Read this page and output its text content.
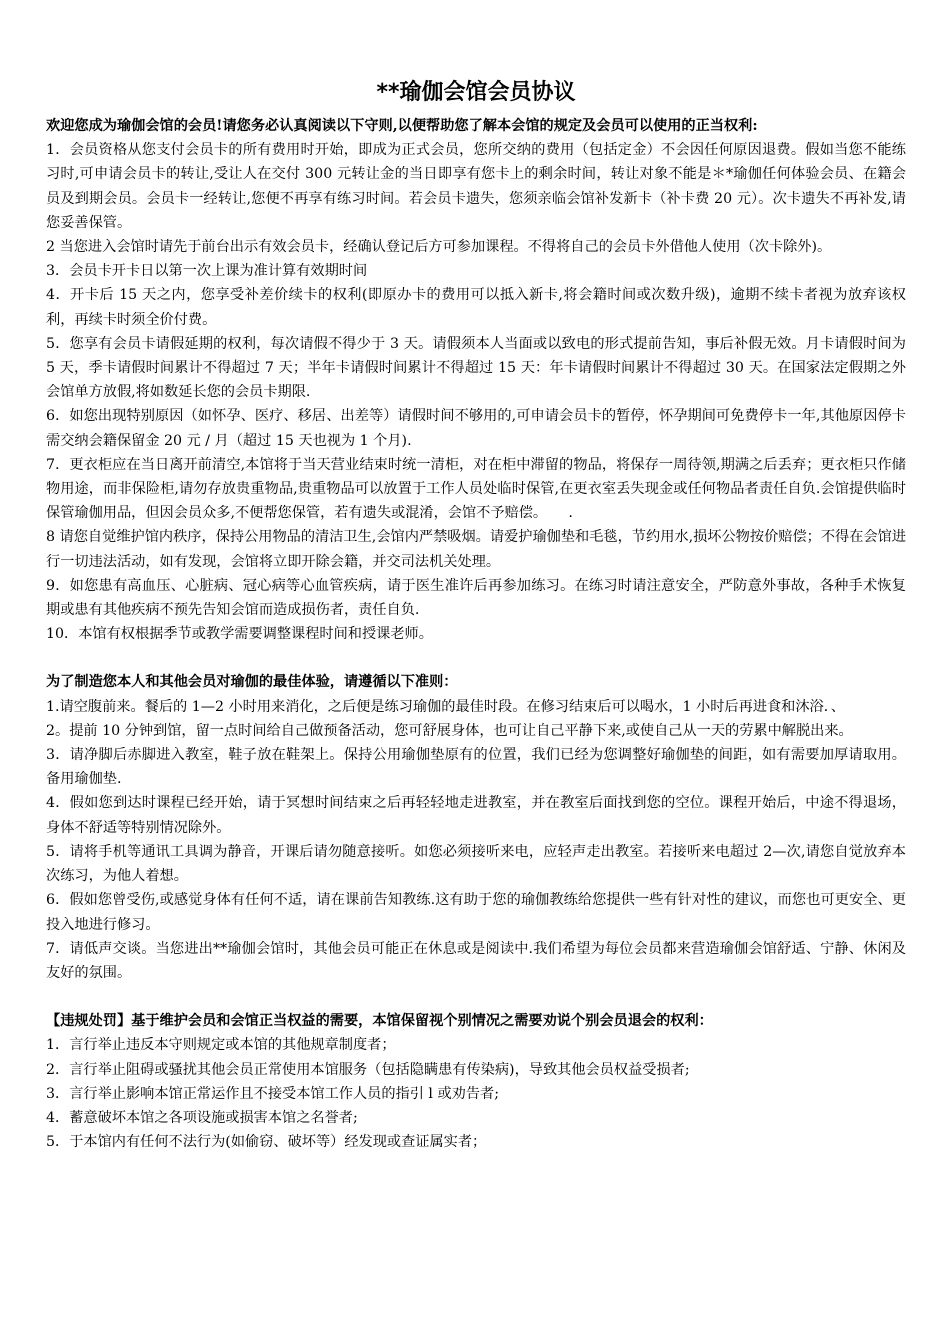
**瑜伽会馆会员协议

欢迎您成为瑜伽会馆的会员!请您务必认真阅读以下守则,以便帮助您了解本会馆的规定及会员可以使用的正当权利:

1．会员资格从您支付会员卡的所有费用时开始，即成为正式会员，您所交纳的费用（包括定金）不会因任何原因退费。假如当您不能练习时,可申请会员卡的转让,受让人在交付 300 元转让金的当日即享有您卡上的剩余时间，转让对象不能是＊*瑜伽任何体验会员、在籍会员及到期会员。会员卡一经转让,您便不再享有练习时间。若会员卡遗失，您须亲临会馆补发新卡（补卡费 20 元）。次卡遗失不再补发,请您妥善保管。

2 当您进入会馆时请先于前台出示有效会员卡，经确认登记后方可参加课程。不得将自己的会员卡外借他人使用（次卡除外)。

3．会员卡开卡日以第一次上课为准计算有效期时间

4．开卡后 15 天之内，您享受补差价续卡的权利(即原办卡的费用可以抵入新卡,将会籍时间或次数升级)，逾期不续卡者视为放弃该权利，再续卡时须全价付费。

5．您享有会员卡请假延期的权利，每次请假不得少于 3 天。请假须本人当面或以致电的形式提前告知，事后补假无效。月卡请假时间为 5 天，季卡请假时间累计不得超过 7 天；半年卡请假时间累计不得超过 15 天：年卡请假时间累计不得超过 30 天。在国家法定假期之外会馆单方放假,将如数延长您的会员卡期限.

6．如您出现特别原因（如怀孕、医疗、移居、出差等）请假时间不够用的,可申请会员卡的暂停，怀孕期间可免费停卡一年,其他原因停卡需交纳会籍保留金 20 元 / 月（超过 15 天也视为 1 个月).

7．更衣柜应在当日离开前清空,本馆将于当天营业结束时统一清柜，对在柜中滞留的物品，将保存一周待领,期满之后丢弃；更衣柜只作储物用途，而非保险柜,请勿存放贵重物品,贵重物品可以放置于工作人员处临时保管,在更衣室丢失现金或任何物品者责任自负.会馆提供临时保管瑜伽用品，但因会员众多,不便帮您保管，若有遗失或混淆，会馆不予赔偿。　　.

8 请您自觉维护馆内秩序，保持公用物品的清洁卫生,会馆内严禁吸烟。请爱护瑜伽垫和毛毯，节约用水,损坏公物按价赔偿；不得在会馆进行一切违法活动，如有发现，会馆将立即开除会籍，并交司法机关处理。

9．如您患有高血压、心脏病、冠心病等心血管疾病，请于医生准许后再参加练习。在练习时请注意安全，严防意外事故，各种手术恢复期或患有其他疾病不预先告知会馆而造成损伤者，责任自负.

10．本馆有权根据季节或教学需要调整课程时间和授课老师。

为了制造您本人和其他会员对瑜伽的最佳体验，请遵循以下准则：

1.请空腹前来。餐后的 1—2 小时用来消化，之后便是练习瑜伽的最佳时段。在修习结束后可以喝水，1 小时后再进食和沐浴．、

2。提前 10 分钟到馆，留一点时间给自己做预备活动，您可舒展身体，也可让自己平静下来,或使自己从一天的劳累中解脱出来。

3．请净脚后赤脚进入教室，鞋子放在鞋架上。保持公用瑜伽垫原有的位置，我们已经为您调整好瑜伽垫的间距，如有需要加厚请取用。备用瑜伽垫.

4．假如您到达时课程已经开始，请于冥想时间结束之后再轻轻地走进教室，并在教室后面找到您的空位。课程开始后，中途不得退场，身体不舒适等特别情况除外。

5．请将手机等通讯工具调为静音，开课后请勿随意接听。如您必须接听来电，应轻声走出教室。若接听来电超过 2—次,请您自觉放弃本次练习，为他人着想。

6．假如您曾受伤,或感觉身体有任何不适，请在课前告知教练.这有助于您的瑜伽教练给您提供一些有针对性的建议，而您也可更安全、更投入地进行修习。

7．请低声交谈。当您进出**瑜伽会馆时，其他会员可能正在休息或是阅读中.我们希望为每位会员都来营造瑜伽会馆舒适、宁静、休闲及友好的氛围。

【违规处罚】基于维护会员和会馆正当权益的需要，本馆保留视个别情况之需要劝说个别会员退会的权利：

1．言行举止违反本守则规定或本馆的其他规章制度者；

2．言行举止阻碍或骚扰其他会员正常使用本馆服务（包括隐瞒患有传染病)，导致其他会员权益受损者;

3．言行举止影响本馆正常运作且不接受本馆工作人员的指引 l 或劝告者;

4．蓄意破坏本馆之各项设施或损害本馆之名誉者;

5．于本馆内有任何不法行为(如偷窃、破坏等）经发现或查证属实者；
